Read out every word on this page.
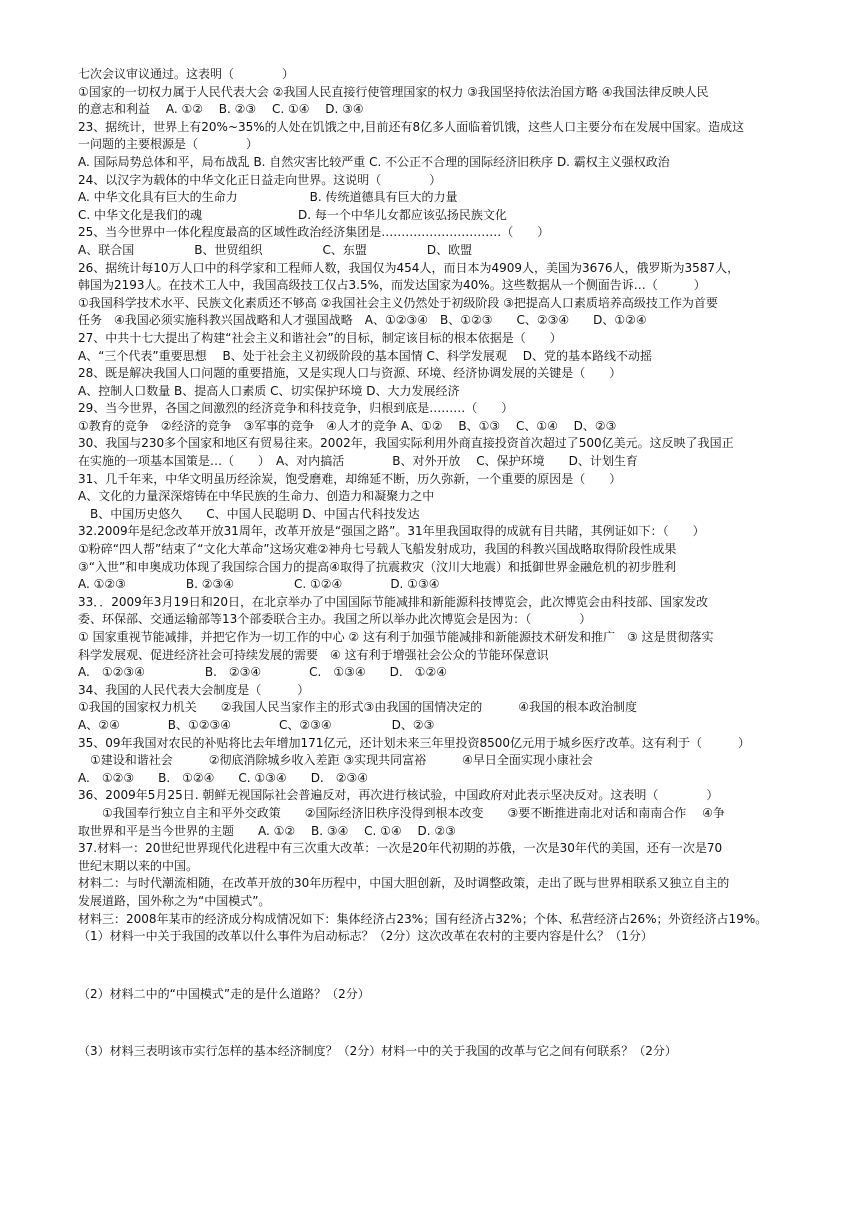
七次会议审议通过。这表明（　　　　）
①国家的一切权力属于人民代表大会 ②我国人民直接行使管理国家的权力 ③我国坚持依法治国方略 ④我国法律反映人民
的意志和利益　 A. ①②　 B. ②③　 C. ①④　 D. ③④
23、据统计，世界上有20%~35%的人处在饥饿之中,目前还有8亿多人面临着饥饿，这些人口主要分布在发展中国家。造成这
一问题的主要根源是（　　　　）
A. 国际局势总体和平，局布战乱 B. 自然灾害比较严重 C. 不公正不合理的国际经济旧秩序 D. 霸权主义强权政治
24、以汉字为载体的中华文化正日益走向世界。这说明（　　　　）
A. 中华文化具有巨大的生命力　　　　　　B. 传统道德具有巨大的力量
C. 中华文化是我们的魂　　　　　　　　D. 每一个中华儿女都应该弘扬民族文化
25、当今世界中一体化程度最高的区域性政治经济集团是…………………………（　　）
A、联合国　　　　　B、世贸组织　　　　　C、东盟　　　　　D、欧盟
26、据统计每10万人口中的科学家和工程师人数，我国仅为454人，而日本为4909人，美国为3676人，俄罗斯为3587人，
韩国为2193人。在技术工人中，我国高级技工仅占3.5%，而发达国家为40%。这些数据从一个侧面告诉…（　　　）
①我国科学技术水平、民族文化素质还不够高 ②我国社会主义仍然处于初级阶段 ③把提高人口素质培养高级技工作为首要
任务　④我国必须实施科教兴国战略和人才强国战略　A、①②③④　B、①②③　　C、②③④　　D、①②④
27、中共十七大提出了构建“社会主义和谐社会”的目标，制定该目标的根本依据是（　　）
A、“三个代表”重要思想　 B、处于社会主义初级阶段的基本国情 C、科学发展观　 D、党的基本路线不动摇
28、既是解决我国人口问题的重要措施，又是实现人口与资源、环境、经济协调发展的关键是（　　）
A、控制人口数量 B、提高人口素质 C、切实保护环境 D、大力发展经济
29、当今世界，各国之间激烈的经济竞争和科技竞争，归根到底是………（　　）
①教育的竞争　②经济的竞争　③军事的竞争　④人才的竞争 A、①②　 B、①③　 C、①④　 D、②③
30、我国与230多个国家和地区有贸易往来。2002年，我国实际利用外商直接投资首次超过了500亿美元。这反映了我国正
在实施的一项基本国策是…（　　）　A、对内搞活　　　　B、对外开放　 C、保护环境　　D、计划生育
31、几千年来，中华文明虽历经涂炭，饱受磨难，却绵延不断，历久弥新，一个重要的原因是（　　）
A、文化的力量深深熔铸在中华民族的生命力、创造力和凝聚力之中
　B、中国历史悠久　　C、中国人民聪明 D、中国古代科技发达
32.2009年是纪念改革开放31周年，改革开放是“强国之路”。31年里我国取得的成就有目共睹，其例证如下：（　　）
①粉碎“四人帮”结束了“文化大革命”这场灾难②神舟七号载人飞船发射成功，我国的科教兴国战略取得阶段性成果
③“入世”和申奥成功体现了我国综合国力的提高④取得了抗震救灾（汶川大地震）和抵御世界金融危机的初步胜利
A. ①②③　　　　　B. ②③④　　　　　C. ①②④　　　　D. ①③④
33．．2009年3月19日和20日，在北京举办了中国国际节能减排和新能源科技博览会，此次博览会由科技部、国家发改
委、环保部、交通运输部等13个部委联合主办。我国之所以举办此次博览会是因为：（　　　　）
① 国家重视节能减排，并把它作为一切工作的中心 ② 这有利于加强节能减排和新能源技术研发和推广　③ 这是贯彻落实
科学发展观、促进经济社会可持续发展的需要　④ 这有利于增强社会公众的节能环保意识
A.　①②③④　　　　　B.　②③④　　　　C.　①③④　　D.　①②④
34、我国的人民代表大会制度是（　　　）
①我国的国家权力机关　　②我国人民当家作主的形式③由我国的国情决定的　　　④我国的根本政治制度
A、②④　　　　B、①②③④　　　　C、②③④　　　　　D、②③
35、09年我国对农民的补贴将比去年增加171亿元，还计划未来三年里投资8500亿元用于城乡医疗改革。这有利于（　　　）
　①建设和谐社会　　　②彻底消除城乡收入差距 ③实现共同富裕　　　④早日全面实现小康社会
A.　①②③　　B.　①②④　　C. ①③④　　D.　②③④
36、2009年5月25日. 朝鲜无视国际社会普遍反对，再次进行核试验，中国政府对此表示坚决反对。这表明（　　　　）
　　①我国奉行独立自主和平外交政策　　②国际经济旧秩序没得到根本改变　　③要不断推进南北对话和南南合作　 ④争
取世界和平是当今世界的主题　　A. ①②　 B. ③④　 C. ①④　 D. ②③
37.材料一：20世纪世界现代化进程中有三次重大改革：一次是20年代初期的苏俄，一次是30年代的美国，还有一次是70
世纪末期以来的中国。
材料二：与时代潮流相随，在改革开放的30年历程中，中国大胆创新，及时调整政策，走出了既与世界相联系又独立自主的
发展道路，国外称之为“中国模式”。
材料三：2008年某市的经济成分构成情况如下：集体经济占23%；国有经济占32%；个体、私营经济占26%；外资经济占19%。
（1）材料一中关于我国的改革以什么事件为启动标志？（2分）这次改革在农村的主要内容是什么？（1分）
（2）材料二中的“中国模式”走的是什么道路？（2分）
（3）材料三表明该市实行怎样的基本经济制度？（2分）材料一中的关于我国的改革与它之间有何联系？（2分）
